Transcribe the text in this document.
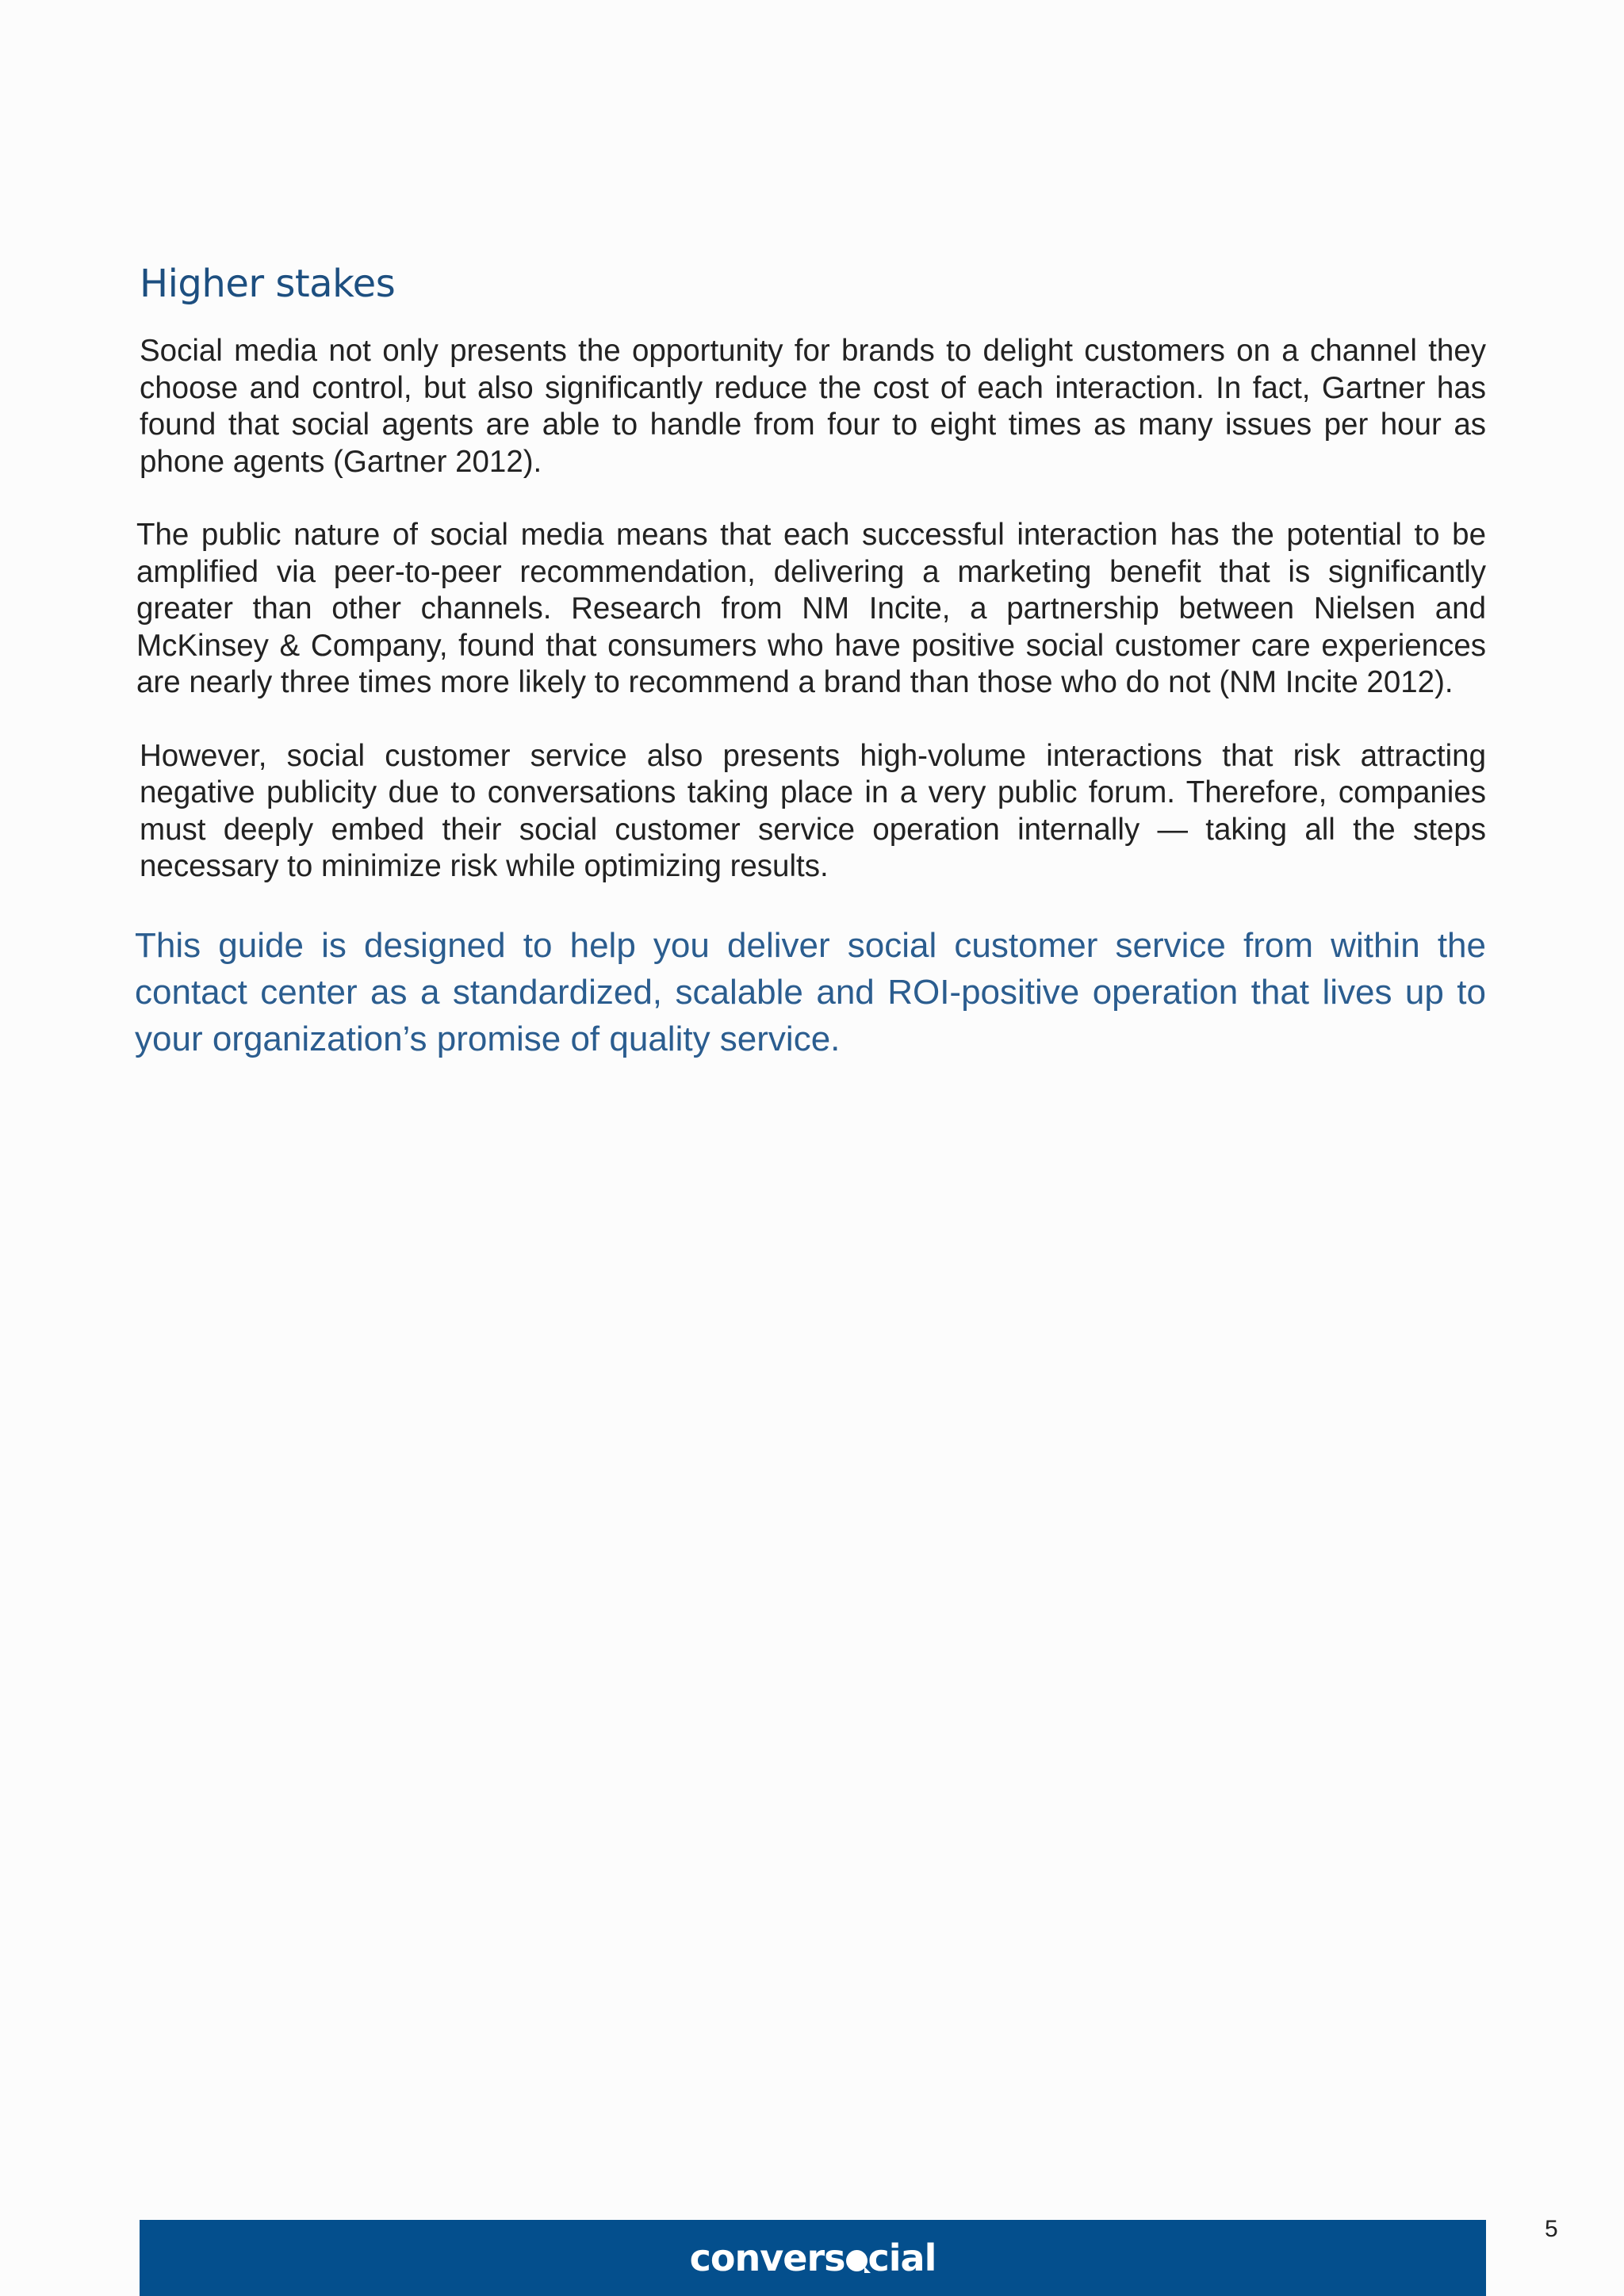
Higher stakes

Social media not only presents the opportunity for brands to delight customers on a channel they choose and control, but also significantly reduce the cost of each interaction. In fact, Gartner has found that social agents are able to handle from four to eight times as many issues per hour as phone agents (Gartner 2012).

The public nature of social media means that each successful interaction has the potential to be amplified via peer-to-peer recommendation, delivering a marketing benefit that is significantly greater than other channels. Research from NM Incite, a partnership between Nielsen and McKinsey & Company, found that consumers who have positive social customer care experiences are nearly three times more likely to recommend a brand than those who do not (NM Incite 2012).

However, social customer service also presents high-volume interactions that risk attracting negative publicity due to conversations taking place in a very public forum. Therefore, companies must deeply embed their social customer service operation internally — taking all the steps necessary to minimize risk while optimizing results.

This guide is designed to help you deliver social customer service from within the contact center as a standardized, scalable and ROI-positive operation that lives up to your organization’s promise of quality service.

convers cial
5
